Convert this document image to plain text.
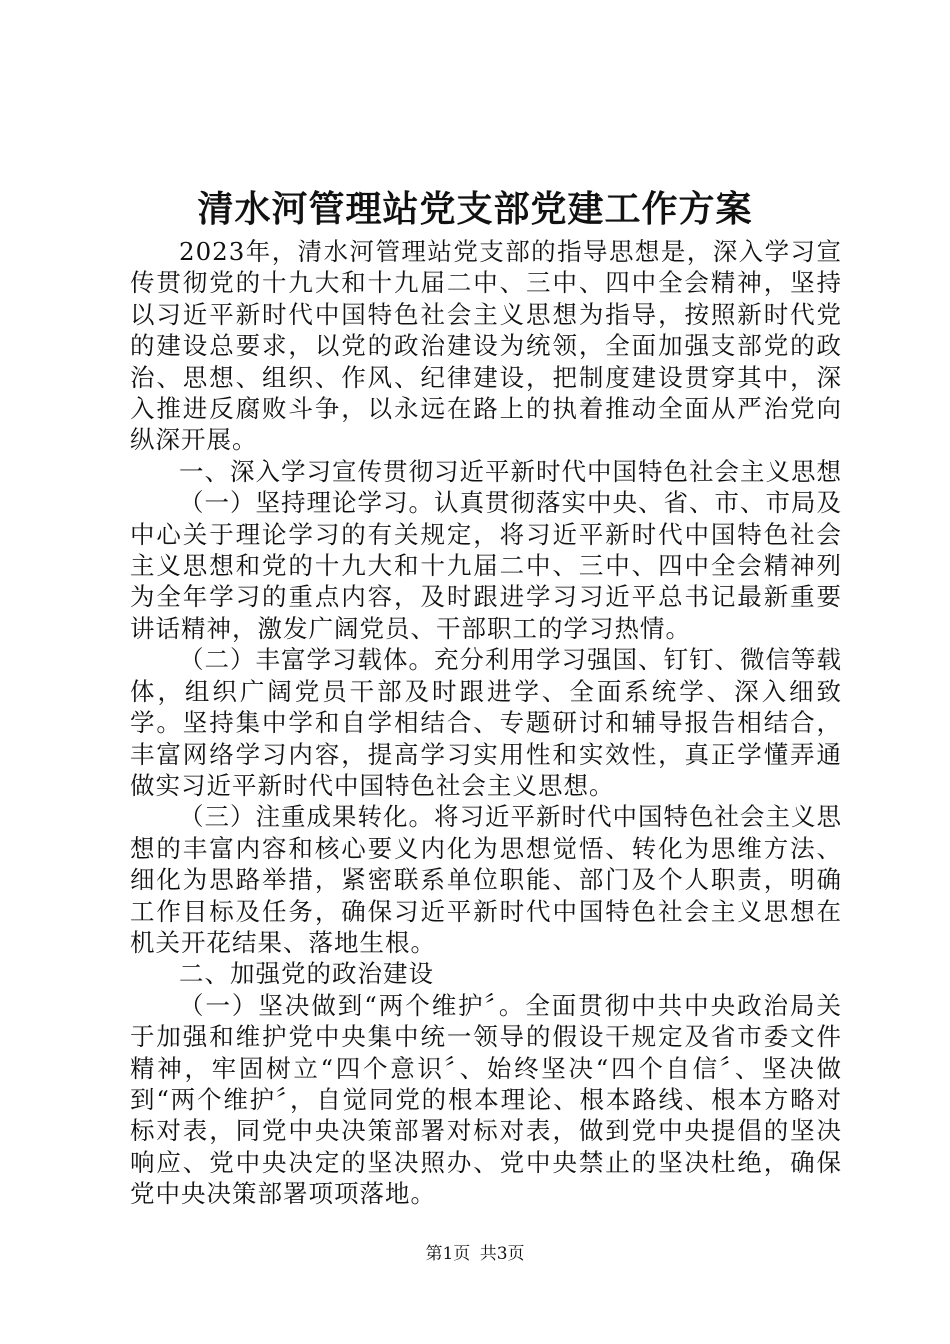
清水河管理站党支部党建工作方案

2023年，清水河管理站党支部的指导思想是，深入学习宣传贯彻党的十九大和十九届二中、三中、四中全会精神，坚持以习近平新时代中国特色社会主义思想为指导，按照新时代党的建设总要求，以党的政治建设为统领，全面加强支部党的政治、思想、组织、作风、纪律建设，把制度建设贯穿其中，深入推进反腐败斗争，以永远在路上的执着推动全面从严治党向纵深开展。

一、深入学习宣传贯彻习近平新时代中国特色社会主义思想

（一）坚持理论学习。认真贯彻落实中央、省、市、市局及中心关于理论学习的有关规定，将习近平新时代中国特色社会主义思想和党的十九大和十九届二中、三中、四中全会精神列为全年学习的重点内容，及时跟进学习习近平总书记最新重要讲话精神，激发广阔党员、干部职工的学习热情。

（二）丰富学习载体。充分利用学习强国、钉钉、微信等载体，组织广阔党员干部及时跟进学、全面系统学、深入细致学。坚持集中学和自学相结合、专题研讨和辅导报告相结合，丰富网络学习内容，提高学习实用性和实效性，真正学懂弄通做实习近平新时代中国特色社会主义思想。

（三）注重成果转化。将习近平新时代中国特色社会主义思想的丰富内容和核心要义内化为思想觉悟、转化为思维方法、细化为思路举措，紧密联系单位职能、部门及个人职责，明确工作目标及任务，确保习近平新时代中国特色社会主义思想在机关开花结果、落地生根。

二、加强党的政治建设

（一）坚决做到“两个维护〞。全面贯彻中共中央政治局关于加强和维护党中央集中统一领导的假设干规定及省市委文件精神，牢固树立“四个意识〞、始终坚决“四个自信〞、坚决做到“两个维护〞，自觉同党的根本理论、根本路线、根本方略对标对表，同党中央决策部署对标对表，做到党中央提倡的坚决响应、党中央决定的坚决照办、党中央禁止的坚决杜绝，确保党中央决策部署项项落地。

第1页 共3页
